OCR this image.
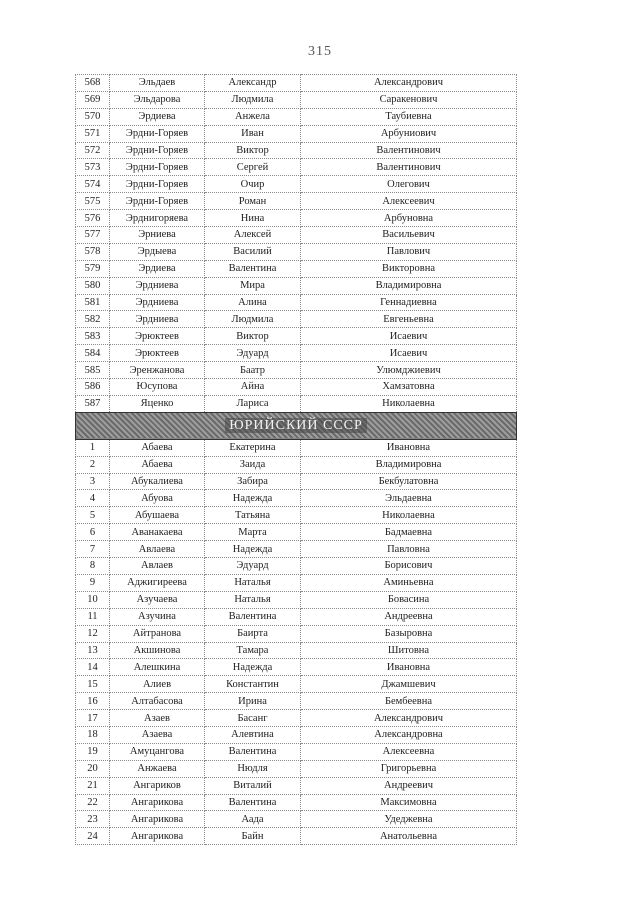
315
568	Эльдаев	Александр	Александрович
569	Эльдарова	Людмила	Саракенович
570	Эрдиева	Анжела	Таубиевна
571	Эрдни-Горяев	Иван	Арбуниович
572	Эрдни-Горяев	Виктор	Валентинович
573	Эрдни-Горяев	Сергей	Валентинович
574	Эрдни-Горяев	Очир	Олегович
575	Эрдни-Горяев	Роман	Алексеевич
576	Эрднигоряева	Нина	Арбуновна
577	Эрниева	Алексей	Васильевич
578	Эрдыева	Василий	Павлович
579	Эрдиева	Валентина	Викторовна
580	Эрдниева	Мира	Владимировна
581	Эрдниева	Алина	Геннадиевна
582	Эрдниева	Людмила	Евгеньевна
583	Эрюктеев	Виктор	Исаевич
584	Эрюктеев	Эдуард	Исаевич
585	Эренжанова	Баатр	Улюмджиевич
586	Юсупова	Айна	Хамзатовна
587	Яценко	Лариса	Николаевна
ЮРИЙСКИЙ СССР			
1	Абаева	Екатерина	Ивановна
2	Абаева	Заида	Владимировна
3	Абукалиева	Забира	Бекбулатовна
4	Абуова	Надежда	Эльдаевна
5	Абушаева	Татьяна	Николаевна
6	Аванакаева	Марта	Бадмаевна
7	Авлаева	Надежда	Павловна
8	Авлаев	Эдуард	Борисович
9	Аджигиреева	Наталья	Аминьевна
10	Азучаева	Наталья	Бовасина
11	Азучина	Валентина	Андреевна
12	Айтранова	Баирта	Базыровна
13	Акшинова	Тамара	Шитовна
14	Алешкина	Надежда	Ивановна
15	Алиев	Константин	Джамшевич
16	Алтабасова	Ирина	Бембеевна
17	Азаев	Басанг	Александрович
18	Азаева	Алевтина	Александровна
19	Амуцангова	Валентина	Алексеевна
20	Анжаева	Нюдля	Григорьевна
21	Ангариков	Виталий	Андреевич
22	Ангарикова	Валентина	Максимовна
23	Ангарикова	Аада	Удеджевна
24	Ангарикова	Байн	Анатольевна
